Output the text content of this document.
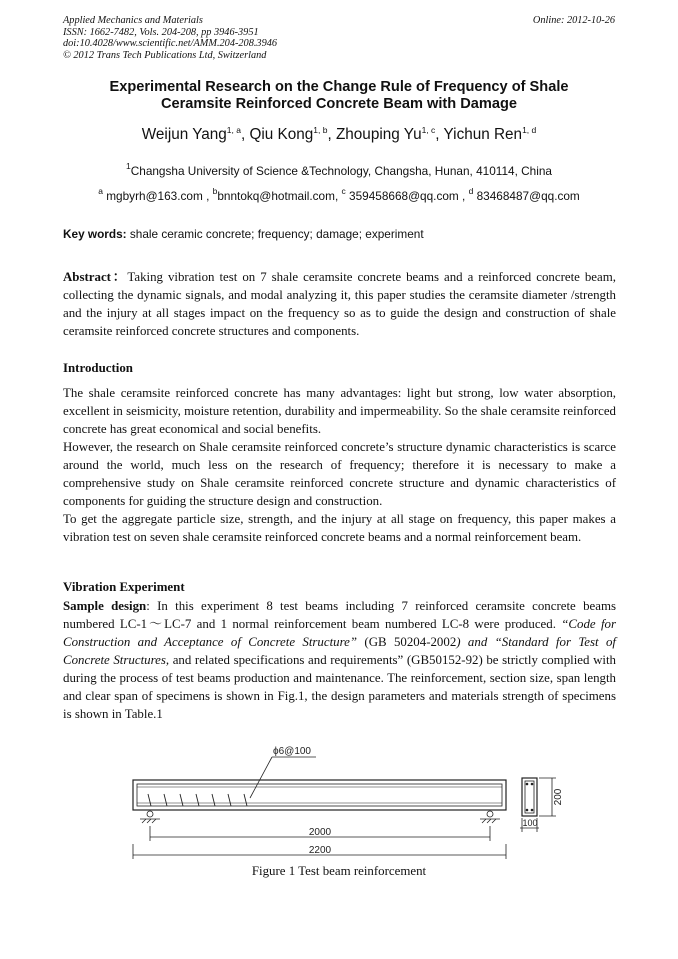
Applied Mechanics and Materials
ISSN: 1662-7482, Vols. 204-208, pp 3946-3951
doi:10.4028/www.scientific.net/AMM.204-208.3946
© 2012 Trans Tech Publications Ltd, Switzerland
Online: 2012-10-26
Experimental Research on the Change Rule of Frequency of Shale
Ceramsite Reinforced Concrete Beam with Damage
Weijun Yang$^{1, a}$, Qiu Kong$^{1, b}$, Zhouping Yu$^{1, c}$, Yichun Ren$^{1, d}$
$^1$Changsha University of Science &Technology, Changsha, Hunan, 410114, China
$^a$ mgbyrh@163.com , $^b$bnntokq@hotmail.com, $^c$ 359458668@qq.com , $^d$ 83468487@qq.com
Key words: shale ceramic concrete; frequency; damage; experiment

Abstract：Taking vibration test on 7 shale ceramsite concrete beams and a reinforced concrete beam, collecting the dynamic signals, and modal analyzing it, this paper studies the ceramsite diameter /strength and the injury at all stages impact on the frequency so as to guide the design and construction of shale ceramsite reinforced concrete structures and components.

Introduction

The shale ceramsite reinforced concrete has many advantages: light but strong, low water absorption, excellent in seismicity, moisture retention, durability and impermeability. So the shale ceramsite reinforced concrete has great economical and social benefits.

However, the research on Shale ceramsite reinforced concrete’s structure dynamic characteristics is scarce around the world, much less on the research of frequency; therefore it is necessary to make a comprehensive study on Shale ceramsite reinforced concrete structure and dynamic characteristics of components for guiding the structure design and construction.

To get the aggregate particle size, strength, and the injury at all stage on frequency, this paper makes a vibration test on seven shale ceramsite reinforced concrete beams and a normal reinforcement beam.

Vibration Experiment

Sample design: In this experiment 8 test beams including 7 reinforced ceramsite concrete beams numbered LC-1～LC-7 and 1 normal reinforcement beam numbered LC-8 were produced. “Code for Construction and Acceptance of Concrete Structure” (GB 50204-2002) and “Standard for Test of Concrete Structures, and related specifications and requirements” (GB50152-92) be strictly complied with during the process of test beams production and maintenance. The reinforcement, section size, span length and clear span of specimens is shown in Fig.1, the design parameters and materials strength of specimens is shown in Table.1

ϕ6@100
2000
2200
200
100
Figure 1 Test beam reinforcement
